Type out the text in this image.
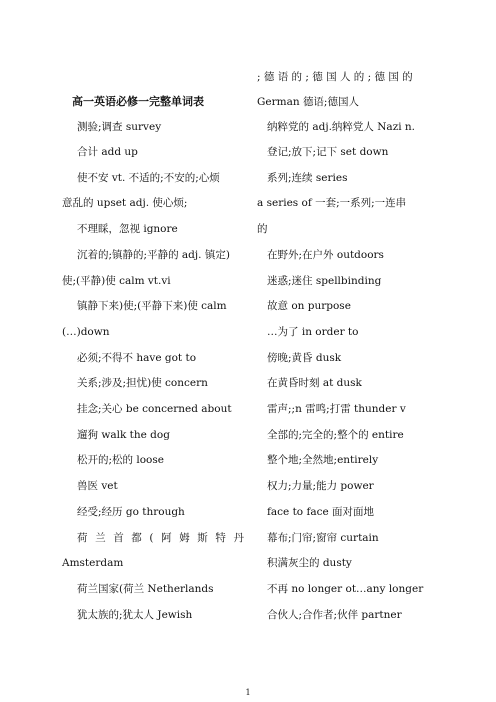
高一英语必修一完整单词表
测验;调查 survey
合计 add up
使不安 vt. 不适的;不安的;心烦
意乱的 upset adj. 使心烦;
不理睬，忽视 ignore
沉着的;镇静的;平静的 adj. 镇定)
使;(平静)使 calm vt.vi
镇静下来)使;(平静下来)使 calm
(…)down
必须;不得不 have got to
关系;涉及;担忧)使 concern
挂念;关心 be concerned about
遛狗 walk the dog
松开的;松的 loose
兽医 vet
经受;经历 go through
荷兰首都(阿姆斯特丹
Amsterdam
荷兰国家(荷兰 Netherlands
犹太族的;犹太人 Jewish
; 德 语 的 ; 德 国 人 的 ; 德 国 的
German 德语;德国人
纳粹党的 adj.纳粹党人 Nazi n.
登记;放下;记下 set down
系列;连续 series
a series of 一套;一系列;一连串
的
在野外;在户外 outdoors
迷惑;迷住 spellbinding
故意 on purpose
…为了 in order to
傍晚;黄昏 dusk
在黄昏时刻 at dusk
雷声;;n 雷鸣;打雷 thunder v
全部的;完全的;整个的 entire
整个地;全然地;entirely
权力;力量;能力 power
face to face 面对面地
幕布;门帘;窗帘 curtain
积满灰尘的 dusty
不再 no longer ot…any longer
合伙人;合作者;伙伴 partner
1
